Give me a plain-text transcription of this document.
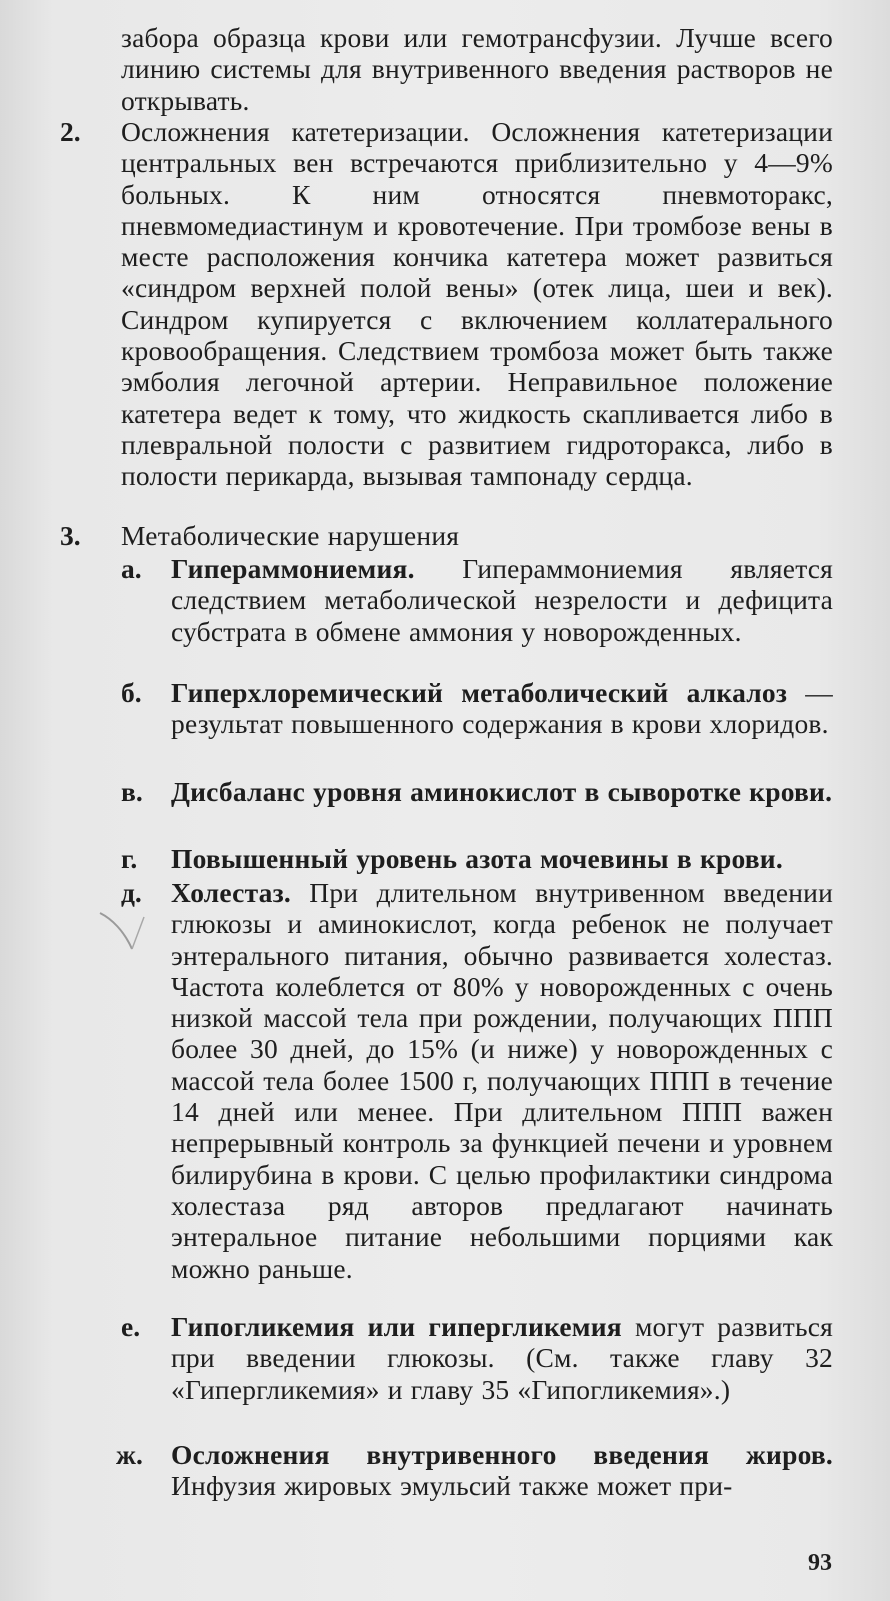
забора образца крови или гемотрансфузии. Лучше всего линию системы для внутривенного введения растворов не открывать.
2. Осложнения катетеризации. Осложнения катетеризации центральных вен встречаются приблизительно у 4—9% больных. К ним относятся пневмоторакс, пневмомедиастинум и кровотечение. При тромбозе вены в месте расположения кончика катетера может развиться «синдром верхней полой вены» (отек лица, шеи и век). Синдром купируется с включением коллатерального кровообращения. Следствием тромбоза может быть также эмболия легочной артерии. Неправильное положение катетера ведет к тому, что жидкость скапливается либо в плевральной полости с развитием гидроторакса, либо в полости перикарда, вызывая тампонаду сердца.
3. Метаболические нарушения
а. Гипераммониемия. Гипераммониемия является следствием метаболической незрелости и дефицита субстрата в обмене аммония у новорожденных.
б. Гиперхлоремический метаболический алкалоз — результат повышенного содержания в крови хлоридов.
в. Дисбаланс уровня аминокислот в сыворотке крови.
г. Повышенный уровень азота мочевины в крови.
д. Холестаз. При длительном внутривенном введении глюкозы и аминокислот, когда ребенок не получает энтерального питания, обычно развивается холестаз. Частота колеблется от 80% у новорожденных с очень низкой массой тела при рождении, получающих ППП более 30 дней, до 15% (и ниже) у новорожденных с массой тела более 1500 г, получающих ППП в течение 14 дней или менее. При длительном ППП важен непрерывный контроль за функцией печени и уровнем билирубина в крови. С целью профилактики синдрома холестаза ряд авторов предлагают начинать энтеральное питание небольшими порциями как можно раньше.
е. Гипогликемия или гипергликемия могут развиться при введении глюкозы. (См. также главу 32 «Гипергликемия» и главу 35 «Гипогликемия».)
ж. Осложнения внутривенного введения жиров. Инфузия жировых эмульсий также может при-
93
